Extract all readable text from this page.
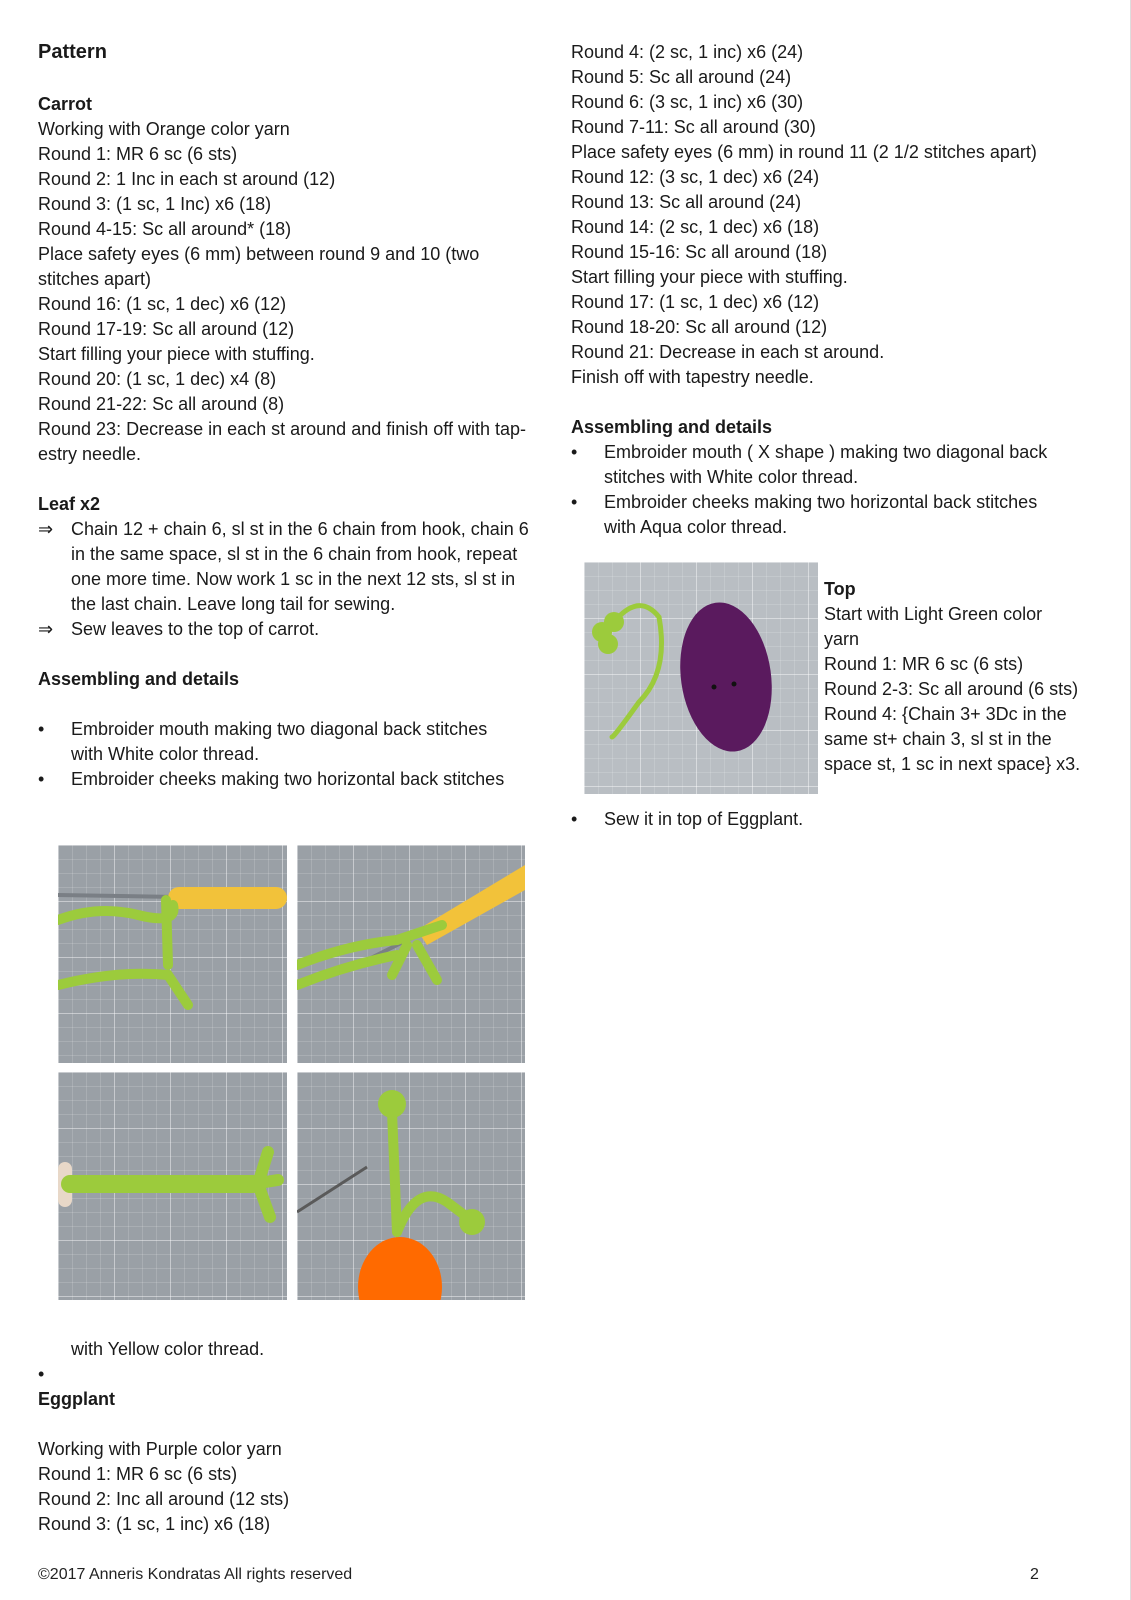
Pattern
Carrot
Working with Orange color yarn
Round 1: MR 6 sc (6 sts)
Round 2: 1 Inc in each st around (12)
Round 3: (1 sc, 1 Inc) x6 (18)
Round 4-15: Sc all around* (18)
Place safety eyes (6 mm) between round 9 and 10 (two
stitches apart)
Round 16: (1 sc, 1 dec) x6 (12)
Round 17-19: Sc all around (12)
Start filling your piece with stuffing.
Round 20: (1 sc, 1 dec) x4 (8)
Round 21-22: Sc all around (8)
Round 23: Decrease in each st around and finish off with tap-
estry needle.
Leaf x2
⇒ Chain 12 + chain 6, sl st in the 6 chain from hook, chain 6
in the same space, sl st in the 6 chain from hook, repeat
one more time. Now work 1 sc in the next 12 sts, sl st in
the last chain. Leave long tail for sewing.
⇒ Sew leaves to the top of carrot.
Assembling and details
• Embroider mouth making two diagonal back stitches
with White color thread.
• Embroider cheeks making two horizontal back stitches
with Yellow color thread.
•
Eggplant
Working with Purple color yarn
Round 1: MR 6 sc (6 sts)
Round 2: Inc all around (12 sts)
Round 3: (1 sc, 1 inc) x6 (18)
Round 4: (2 sc, 1 inc) x6 (24)
Round 5: Sc all around (24)
Round 6: (3 sc, 1 inc) x6 (30)
Round 7-11: Sc all around (30)
Place safety eyes (6 mm) in round 11 (2 1/2 stitches apart)
Round 12: (3 sc, 1 dec) x6 (24)
Round 13: Sc all around (24)
Round 14: (2 sc, 1 dec) x6 (18)
Round 15-16: Sc all around (18)
Start filling your piece with stuffing.
Round 17: (1 sc, 1 dec) x6 (12)
Round 18-20: Sc all around (12)
Round 21: Decrease in each st around.
Finish off with tapestry needle.
Assembling and details
• Embroider mouth ( X shape ) making two diagonal back
stitches with White color thread.
• Embroider cheeks making two horizontal back stitches
with Aqua color thread.
Top
Start with Light Green color
yarn
Round 1: MR 6 sc (6 sts)
Round 2-3: Sc all around (6 sts)
Round 4: {Chain 3+ 3Dc in the
same st+ chain 3, sl st in the
space st, 1 sc in next space} x3.
• Sew it in top of Eggplant.
©2017 Anneris Kondratas All rights reserved	2
